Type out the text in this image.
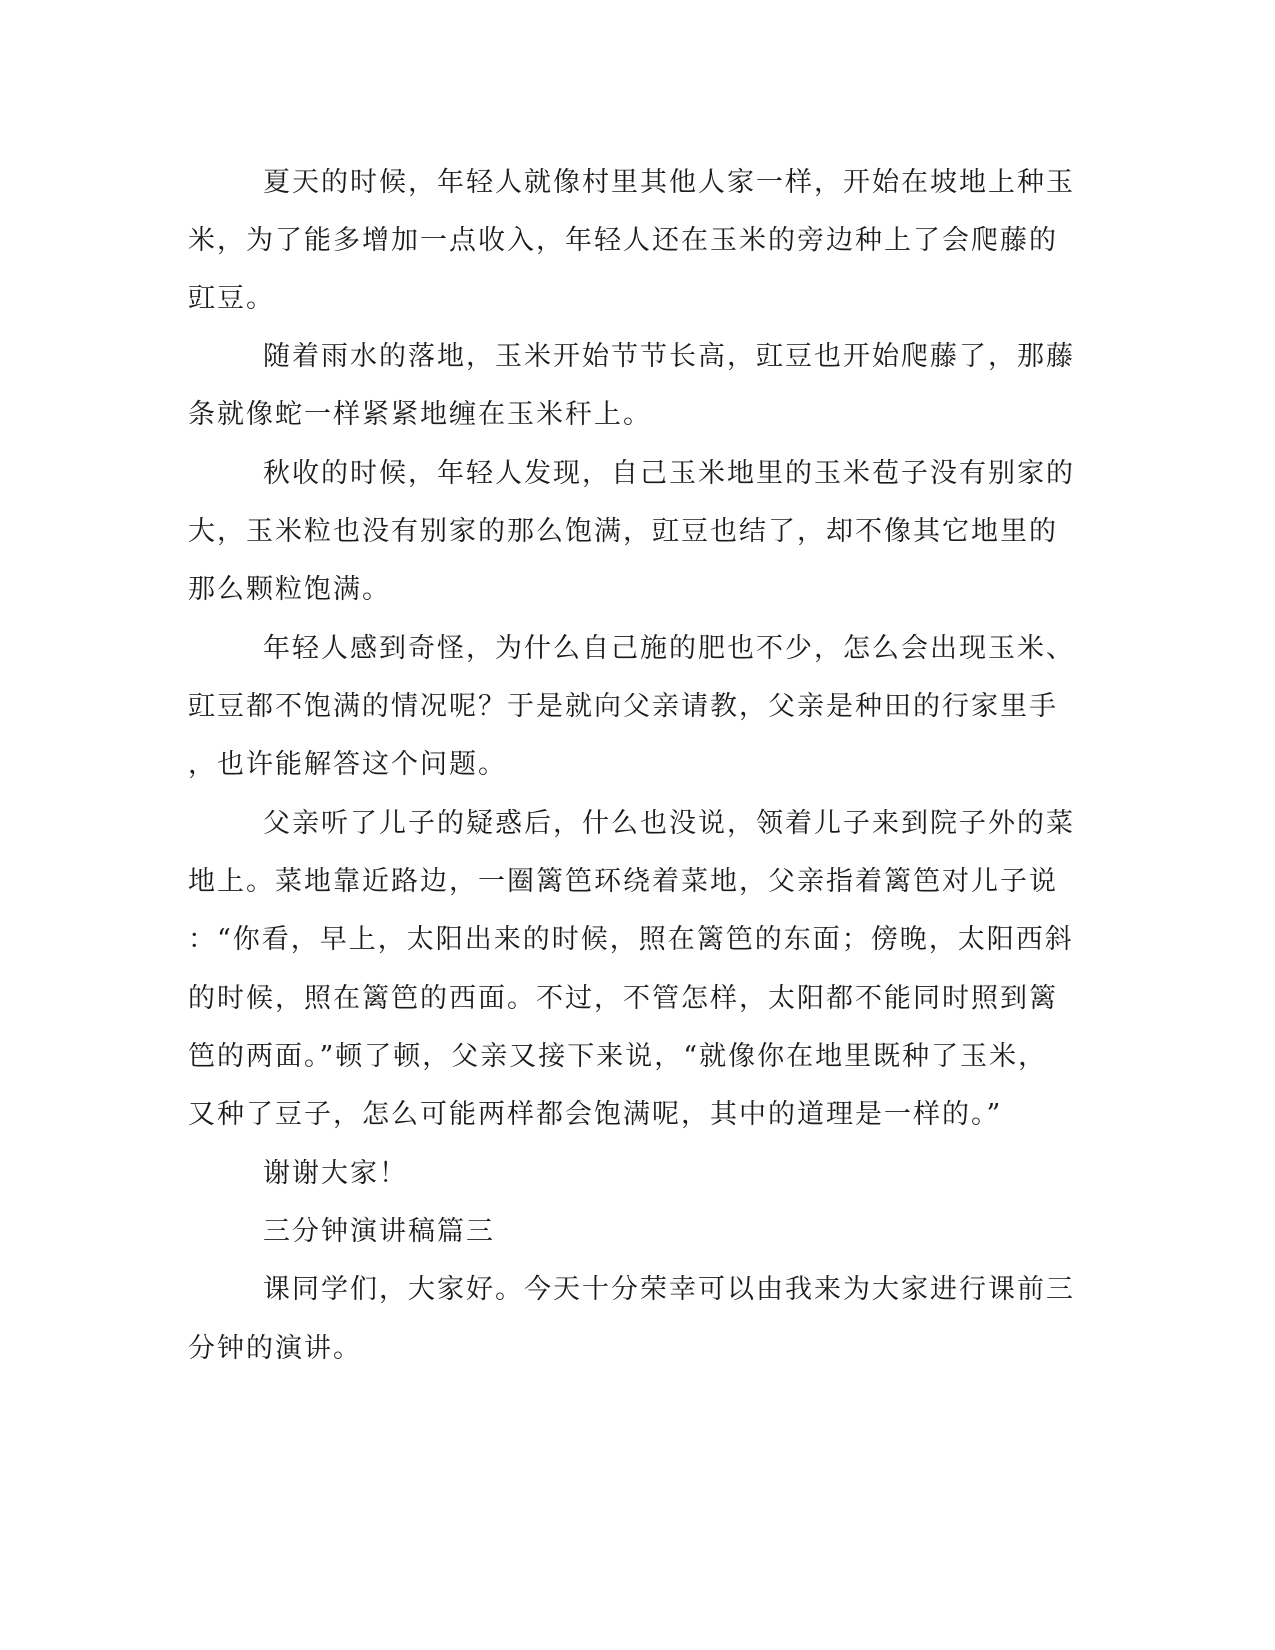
夏天的时候，年轻人就像村里其他人家一样，开始在坡地上种玉
米，为了能多增加一点收入，年轻人还在玉米的旁边种上了会爬藤的
豇豆。
随着雨水的落地，玉米开始节节长高，豇豆也开始爬藤了，那藤
条就像蛇一样紧紧地缠在玉米秆上。
秋收的时候，年轻人发现，自己玉米地里的玉米苞子没有别家的
大，玉米粒也没有别家的那么饱满，豇豆也结了，却不像其它地里的
那么颗粒饱满。
年轻人感到奇怪，为什么自己施的肥也不少，怎么会出现玉米、
豇豆都不饱满的情况呢？于是就向父亲请教，父亲是种田的行家里手
，也许能解答这个问题。
父亲听了儿子的疑惑后，什么也没说，领着儿子来到院子外的菜
地上。菜地靠近路边，一圈篱笆环绕着菜地，父亲指着篱笆对儿子说
：“你看，早上，太阳出来的时候，照在篱笆的东面；傍晚，太阳西斜
的时候，照在篱笆的西面。不过，不管怎样，太阳都不能同时照到篱
笆的两面。”顿了顿，父亲又接下来说，“就像你在地里既种了玉米，
又种了豆子，怎么可能两样都会饱满呢，其中的道理是一样的。”
谢谢大家！
三分钟演讲稿篇三
课同学们，大家好。今天十分荣幸可以由我来为大家进行课前三
分钟的演讲。
